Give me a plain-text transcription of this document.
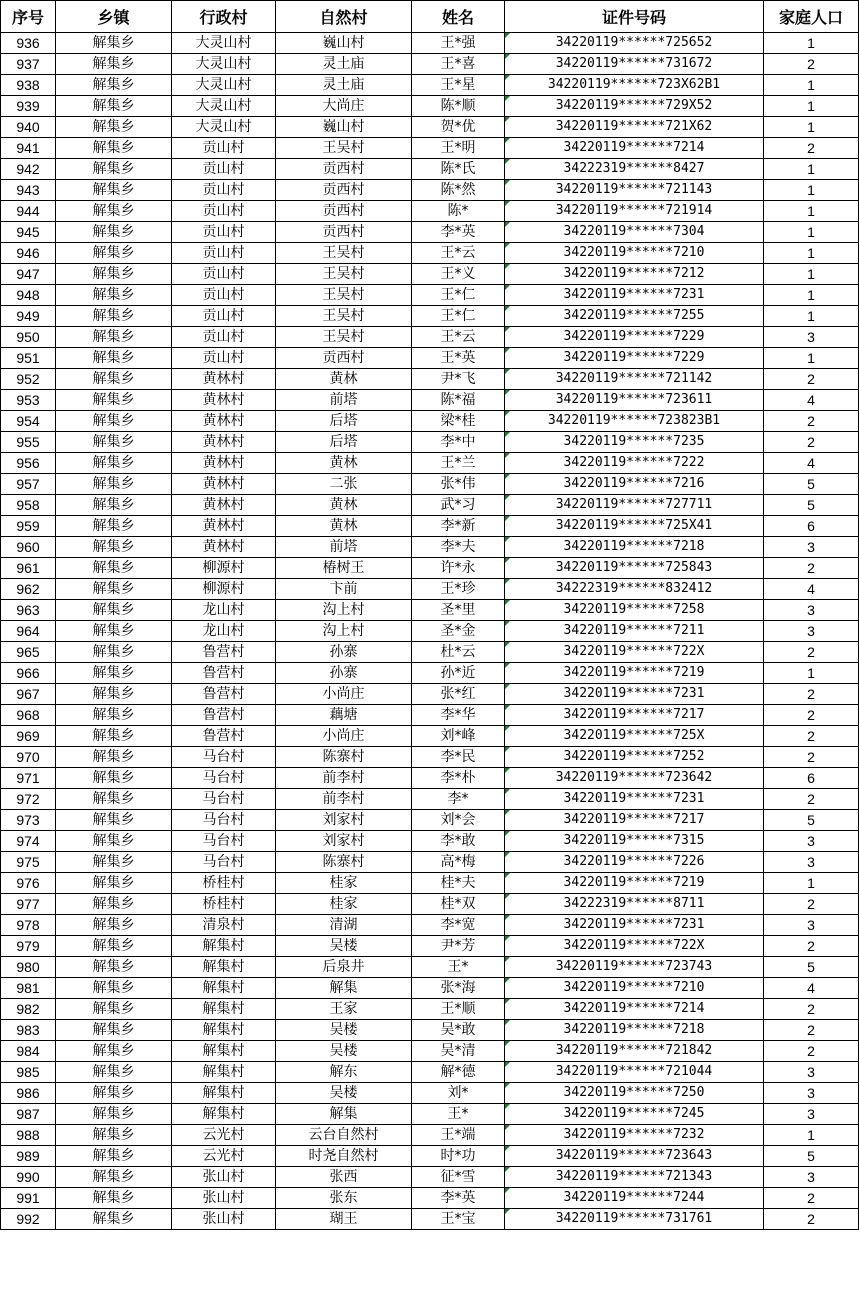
序号	乡镇	行政村	自然村	姓名	证件号码	家庭人口
936	解集乡	大灵山村	巍山村	王*强	34220119******725652	1
937	解集乡	大灵山村	灵土庙	王*喜	34220119******731672	2
938	解集乡	大灵山村	灵土庙	王*星	34220119******723X62B1	1
939	解集乡	大灵山村	大尚庄	陈*顺	34220119******729X52	1
940	解集乡	大灵山村	巍山村	贺*优	34220119******721X62	1
941	解集乡	贡山村	王吴村	王*明	34220119******7214	2
942	解集乡	贡山村	贡西村	陈*氏	34222319******8427	1
943	解集乡	贡山村	贡西村	陈*然	34220119******721143	1
944	解集乡	贡山村	贡西村	陈*	34220119******721914	1
945	解集乡	贡山村	贡西村	李*英	34220119******7304	1
946	解集乡	贡山村	王吴村	王*云	34220119******7210	1
947	解集乡	贡山村	王吴村	王*义	34220119******7212	1
948	解集乡	贡山村	王吴村	王*仁	34220119******7231	1
949	解集乡	贡山村	王吴村	王*仁	34220119******7255	1
950	解集乡	贡山村	王吴村	王*云	34220119******7229	3
951	解集乡	贡山村	贡西村	王*英	34220119******7229	1
952	解集乡	黄林村	黄林	尹*飞	34220119******721142	2
953	解集乡	黄林村	前塔	陈*福	34220119******723611	4
954	解集乡	黄林村	后塔	梁*桂	34220119******723823B1	2
955	解集乡	黄林村	后塔	李*中	34220119******7235	2
956	解集乡	黄林村	黄林	王*兰	34220119******7222	4
957	解集乡	黄林村	二张	张*伟	34220119******7216	5
958	解集乡	黄林村	黄林	武*习	34220119******727711	5
959	解集乡	黄林村	黄林	李*新	34220119******725X41	6
960	解集乡	黄林村	前塔	李*夫	34220119******7218	3
961	解集乡	柳源村	椿树王	许*永	34220119******725843	2
962	解集乡	柳源村	卞前	王*珍	34222319******832412	4
963	解集乡	龙山村	沟上村	圣*里	34220119******7258	3
964	解集乡	龙山村	沟上村	圣*金	34220119******7211	3
965	解集乡	鲁营村	孙寨	杜*云	34220119******722X	2
966	解集乡	鲁营村	孙寨	孙*近	34220119******7219	1
967	解集乡	鲁营村	小尚庄	张*红	34220119******7231	2
968	解集乡	鲁营村	藕塘	李*华	34220119******7217	2
969	解集乡	鲁营村	小尚庄	刘*峰	34220119******725X	2
970	解集乡	马台村	陈寨村	李*民	34220119******7252	2
971	解集乡	马台村	前李村	李*朴	34220119******723642	6
972	解集乡	马台村	前李村	李*	34220119******7231	2
973	解集乡	马台村	刘家村	刘*会	34220119******7217	5
974	解集乡	马台村	刘家村	李*敢	34220119******7315	3
975	解集乡	马台村	陈寨村	高*梅	34220119******7226	3
976	解集乡	桥桂村	桂家	桂*夫	34220119******7219	1
977	解集乡	桥桂村	桂家	桂*双	34222319******8711	2
978	解集乡	清泉村	清湖	李*宽	34220119******7231	3
979	解集乡	解集村	吴楼	尹*芳	34220119******722X	2
980	解集乡	解集村	后泉井	王*	34220119******723743	5
981	解集乡	解集村	解集	张*海	34220119******7210	4
982	解集乡	解集村	王家	王*顺	34220119******7214	2
983	解集乡	解集村	吴楼	吴*敢	34220119******7218	2
984	解集乡	解集村	吴楼	吴*清	34220119******721842	2
985	解集乡	解集村	解东	解*德	34220119******721044	3
986	解集乡	解集村	吴楼	刘*	34220119******7250	3
987	解集乡	解集村	解集	王*	34220119******7245	3
988	解集乡	云光村	云台自然村	王*端	34220119******7232	1
989	解集乡	云光村	时尧自然村	时*功	34220119******723643	5
990	解集乡	张山村	张西	征*雪	34220119******721343	3
991	解集乡	张山村	张东	李*英	34220119******7244	2
992	解集乡	张山村	瑚王	王*宝	34220119******731761	2
